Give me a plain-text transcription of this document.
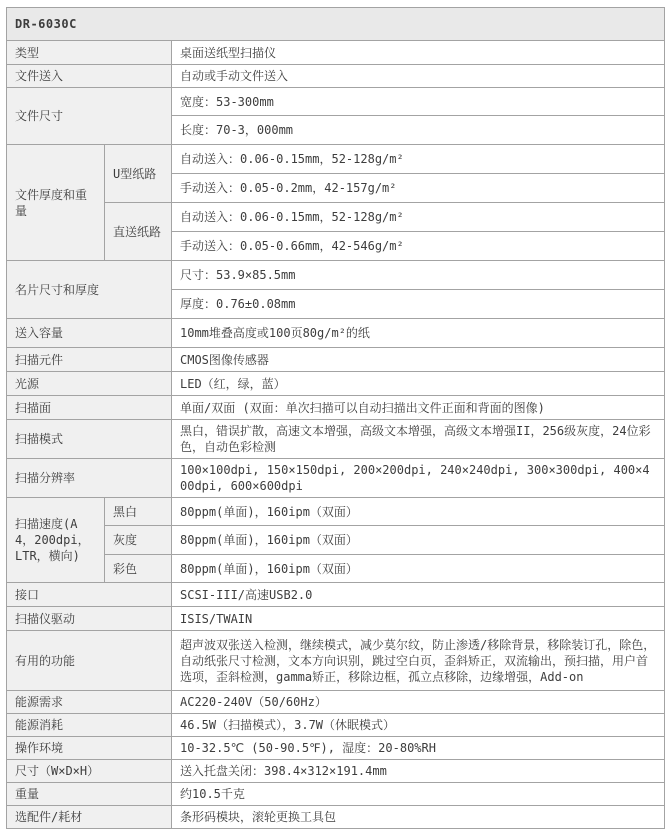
DR-6030C		
类型		桌面送纸型扫描仪
文件送入		自动或手动文件送入
文件尺寸		宽度：53-300mm
		长度：70-3，000mm
文件厚度和重量	U型纸路	自动送入：0.06-0.15mm，52-128g/m²
		手动送入：0.05-0.2mm，42-157g/m²
	直送纸路	自动送入：0.06-0.15mm，52-128g/m²
		手动送入：0.05-0.66mm，42-546g/m²
名片尺寸和厚度		尺寸：53.9×85.5mm
		厚度：0.76±0.08mm
送入容量		10mm堆叠高度或100页80g/m²的纸
扫描元件		CMOS图像传感器
光源		LED（红，绿，蓝）
扫描面		单面/双面 (双面：单次扫描可以自动扫描出文件正面和背面的图像)
扫描模式		黑白，错误扩散，高速文本增强，高级文本增强，高级文本增强II，256级灰度，24位彩色，自动色彩检测
扫描分辨率		100×100dpi, 150×150dpi, 200×200dpi, 240×240dpi, 300×300dpi, 400×400dpi, 600×600dpi
扫描速度(A4，200dpi，LTR，横向)	黑白	80ppm(单面)，160ipm（双面）
	灰度	80ppm(单面)，160ipm（双面）
	彩色	80ppm(单面)，160ipm（双面）
接口		SCSI-III/高速USB2.0
扫描仪驱动		ISIS/TWAIN
有用的功能		超声波双张送入检测，继续模式，减少莫尔纹，防止渗透/移除背景，移除装订孔，除色，自动纸张尺寸检测，文本方向识别，跳过空白页，歪斜矫正，双流输出，预扫描，用户首选项，歪斜检测，gamma矫正，移除边框，孤立点移除，边缘增强，Add-on
能源需求		AC220-240V（50/60Hz）
能源消耗		46.5W（扫描模式），3.7W（休眠模式）
操作环境		10-32.5℃ (50-90.5℉), 湿度：20-80%RH
尺寸（W×D×H）		送入托盘关闭：398.4×312×191.4mm
重量		约10.5千克
选配件/耗材		条形码模块，滚轮更换工具包
